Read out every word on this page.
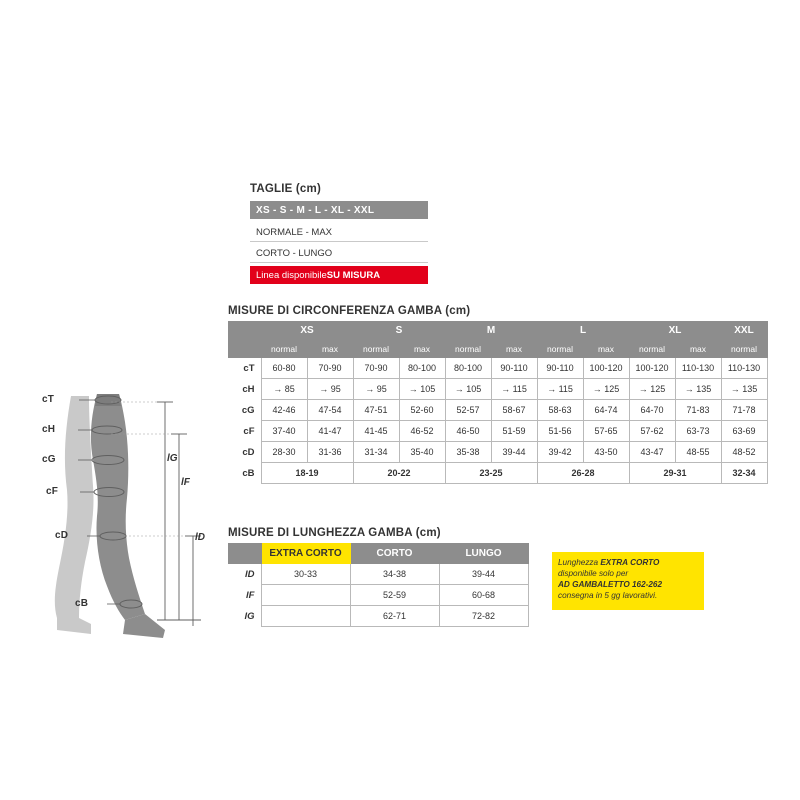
cT
cH
cG
cF
cD
cB
lG
lF
lD
TAGLIE (cm)
XS - S - M - L - XL - XXL
NORMALE - MAX
CORTO - LUNGO
Linea disponibile SU MISURA
MISURE DI CIRCONFERENZA GAMBA (cm)
	XS		S		M		L		XL		XXL
	normal	max	normal	max	normal	max	normal	max	normal	max	normal
cT	60-80	70-90	70-90	80-100	80-100	90-110	90-110	100-120	100-120	110-130	110-130
cH	→ 85	→ 95	→ 95	→ 105	→ 105	→ 115	→ 115	→ 125	→ 125	→ 135	→ 135
cG	42-46	47-54	47-51	52-60	52-57	58-67	58-63	64-74	64-70	71-83	71-78
cF	37-40	41-47	41-45	46-52	46-50	51-59	51-56	57-65	57-62	63-73	63-69
cD	28-30	31-36	31-34	35-40	35-38	39-44	39-42	43-50	43-47	48-55	48-52
cB	18-19		20-22		23-25		26-28		29-31		32-34
MISURE DI LUNGHEZZA GAMBA (cm)
	EXTRA CORTO	CORTO	LUNGO
lD	30-33	34-38	39-44
lF		52-59	60-68
lG		62-71	72-82
Lunghezza EXTRA CORTO
disponibile solo per
AD GAMBALETTO 162-262
consegna in 5 gg lavorativi.
